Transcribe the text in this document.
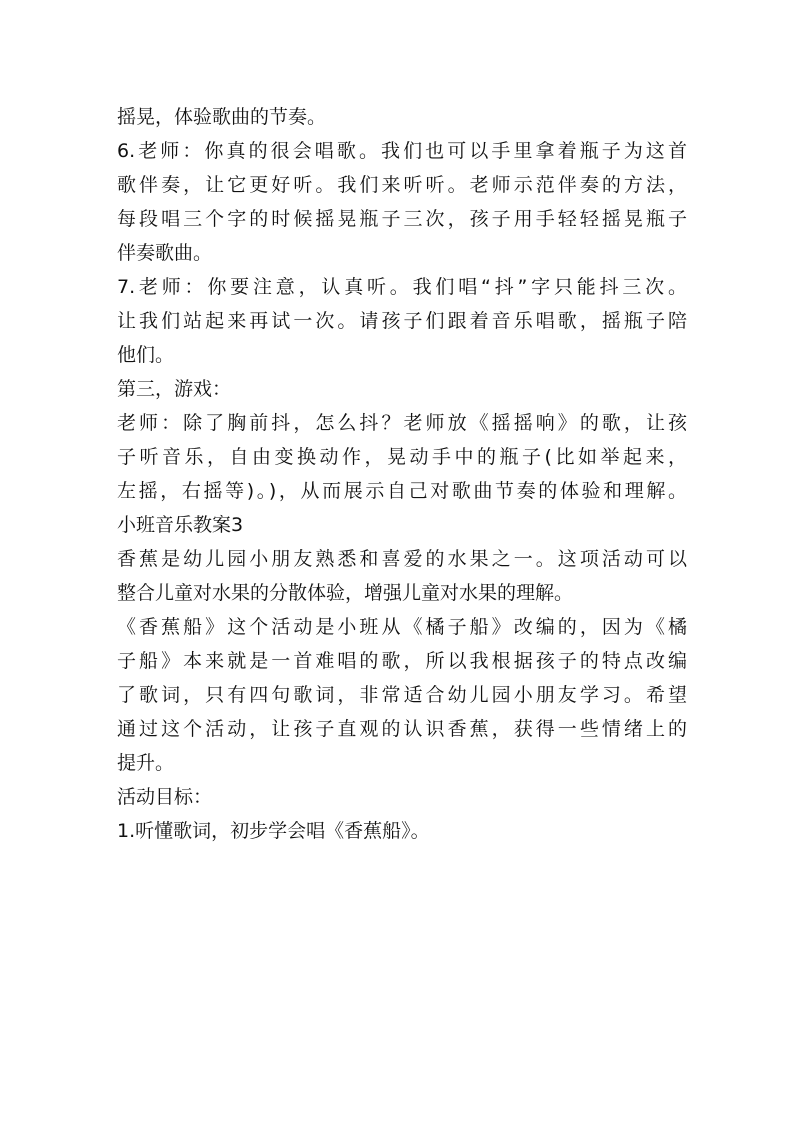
摇晃，体验歌曲的节奏。
6.老师：你真的很会唱歌。我们也可以手里拿着瓶子为这首
歌伴奏，让它更好听。我们来听听。老师示范伴奏的方法，
每段唱三个字的时候摇晃瓶子三次，孩子用手轻轻摇晃瓶子
伴奏歌曲。
7.老师：你要注意，认真听。我们唱“抖”字只能抖三次。
让我们站起来再试一次。请孩子们跟着音乐唱歌，摇瓶子陪
他们。
第三，游戏：
老师：除了胸前抖，怎么抖？老师放《摇摇响》的歌，让孩
子听音乐，自由变换动作，晃动手中的瓶子(比如举起来，
左摇，右摇等)。)，从而展示自己对歌曲节奏的体验和理解。
小班音乐教案3
香蕉是幼儿园小朋友熟悉和喜爱的水果之一。这项活动可以
整合儿童对水果的分散体验，增强儿童对水果的理解。
《香蕉船》这个活动是小班从《橘子船》改编的，因为《橘
子船》本来就是一首难唱的歌，所以我根据孩子的特点改编
了歌词，只有四句歌词，非常适合幼儿园小朋友学习。希望
通过这个活动，让孩子直观的认识香蕉，获得一些情绪上的
提升。
活动目标：
1.听懂歌词，初步学会唱《香蕉船》。
